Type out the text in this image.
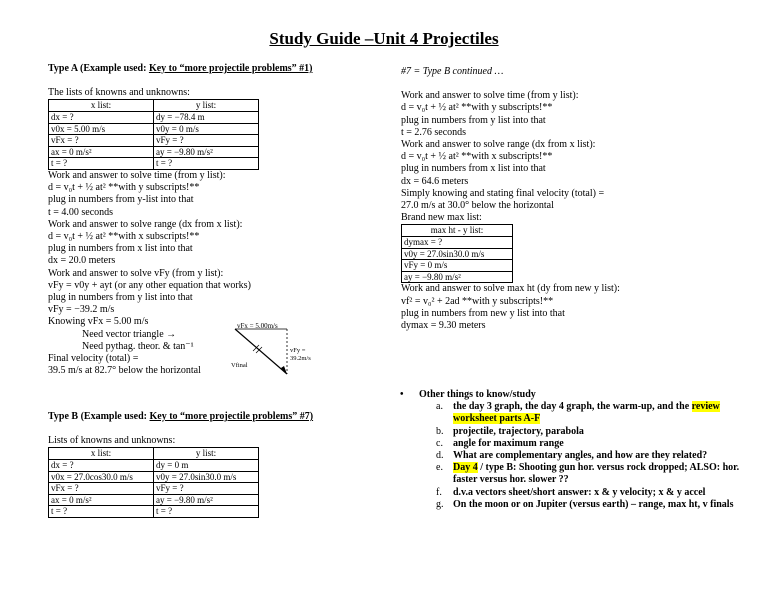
Study Guide –Unit 4 Projectiles
Type A (Example used: Key to “more projectile problems” #1)
The lists of knowns and unknowns:
x list:	y list:
dx = ?	dy = −78.4 m
v0x = 5.00 m/s	v0y = 0 m/s
vFx = ?	vFy = ?
ax = 0 m/s²	ay = −9.80 m/s²
t = ?	t = ?
Work and answer to solve time (from y list):
d = v₀t + ½ at² **with y subscripts!**
plug in numbers from y-list into that
t = 4.00 seconds
Work and answer to solve range (dx from x list):
d = v₀t + ½ at² **with x subscripts!**
plug in numbers from x list into that
dx = 20.0 meters
Work and answer to solve vFy (from y list):
vFy = v0y + ayt (or any other equation that works)
plug in numbers from y list into that
vFy = −39.2 m/s
Knowing vFx = 5.00 m/s
Need vector triangle →
Need pythag. theor. & tan⁻¹
Final velocity (total) =
39.5 m/s at 82.7° below the horizontal
vFx = 5.00m/s
vFy =
39.2m/s
Vfinal
Type B (Example used: Key to “more projectile problems” #7)
Lists of knowns and unknowns:
x list:	y list:
dx = ?	dy = 0 m
v0x = 27.0cos30.0 m/s	v0y = 27.0sin30.0 m/s
vFx = ?	vFy = ?
ax = 0 m/s²	ay = −9.80 m/s²
t = ?	t = ?
#7 = Type B continued …
Work and answer to solve time (from y list):
d = v₀t + ½ at² **with y subscripts!**
plug in numbers from y list into that
t = 2.76 seconds
Work and answer to solve range (dx from x list):
d = v₀t + ½ at² **with x subscripts!**
plug in numbers from x list into that
dx = 64.6 meters
Simply knowing and stating final velocity (total) =
27.0 m/s at 30.0° below the horizontal
Brand new max list:
max ht - y list:
dymax = ?
v0y = 27.0sin30.0 m/s
vFy = 0 m/s
ay = −9.80 m/s²
Work and answer to solve max ht (dy from new y list):
vf² = v₀² + 2ad **with y subscripts!**
plug in numbers from new y list into that
dymax = 9.30 meters
• Other things to know/study
a. the day 3 graph, the day 4 graph, the warm-up, and the review worksheet parts A-F
b. projectile, trajectory, parabola
c. angle for maximum range
d. What are complementary angles, and how are they related?
e. Day 4 / type B: Shooting gun hor. versus rock dropped; ALSO: hor. faster versus hor. slower ??
f. d.v.a vectors sheet/short answer: x & y velocity; x & y accel
g. On the moon or on Jupiter (versus earth) – range, max ht, v finals
